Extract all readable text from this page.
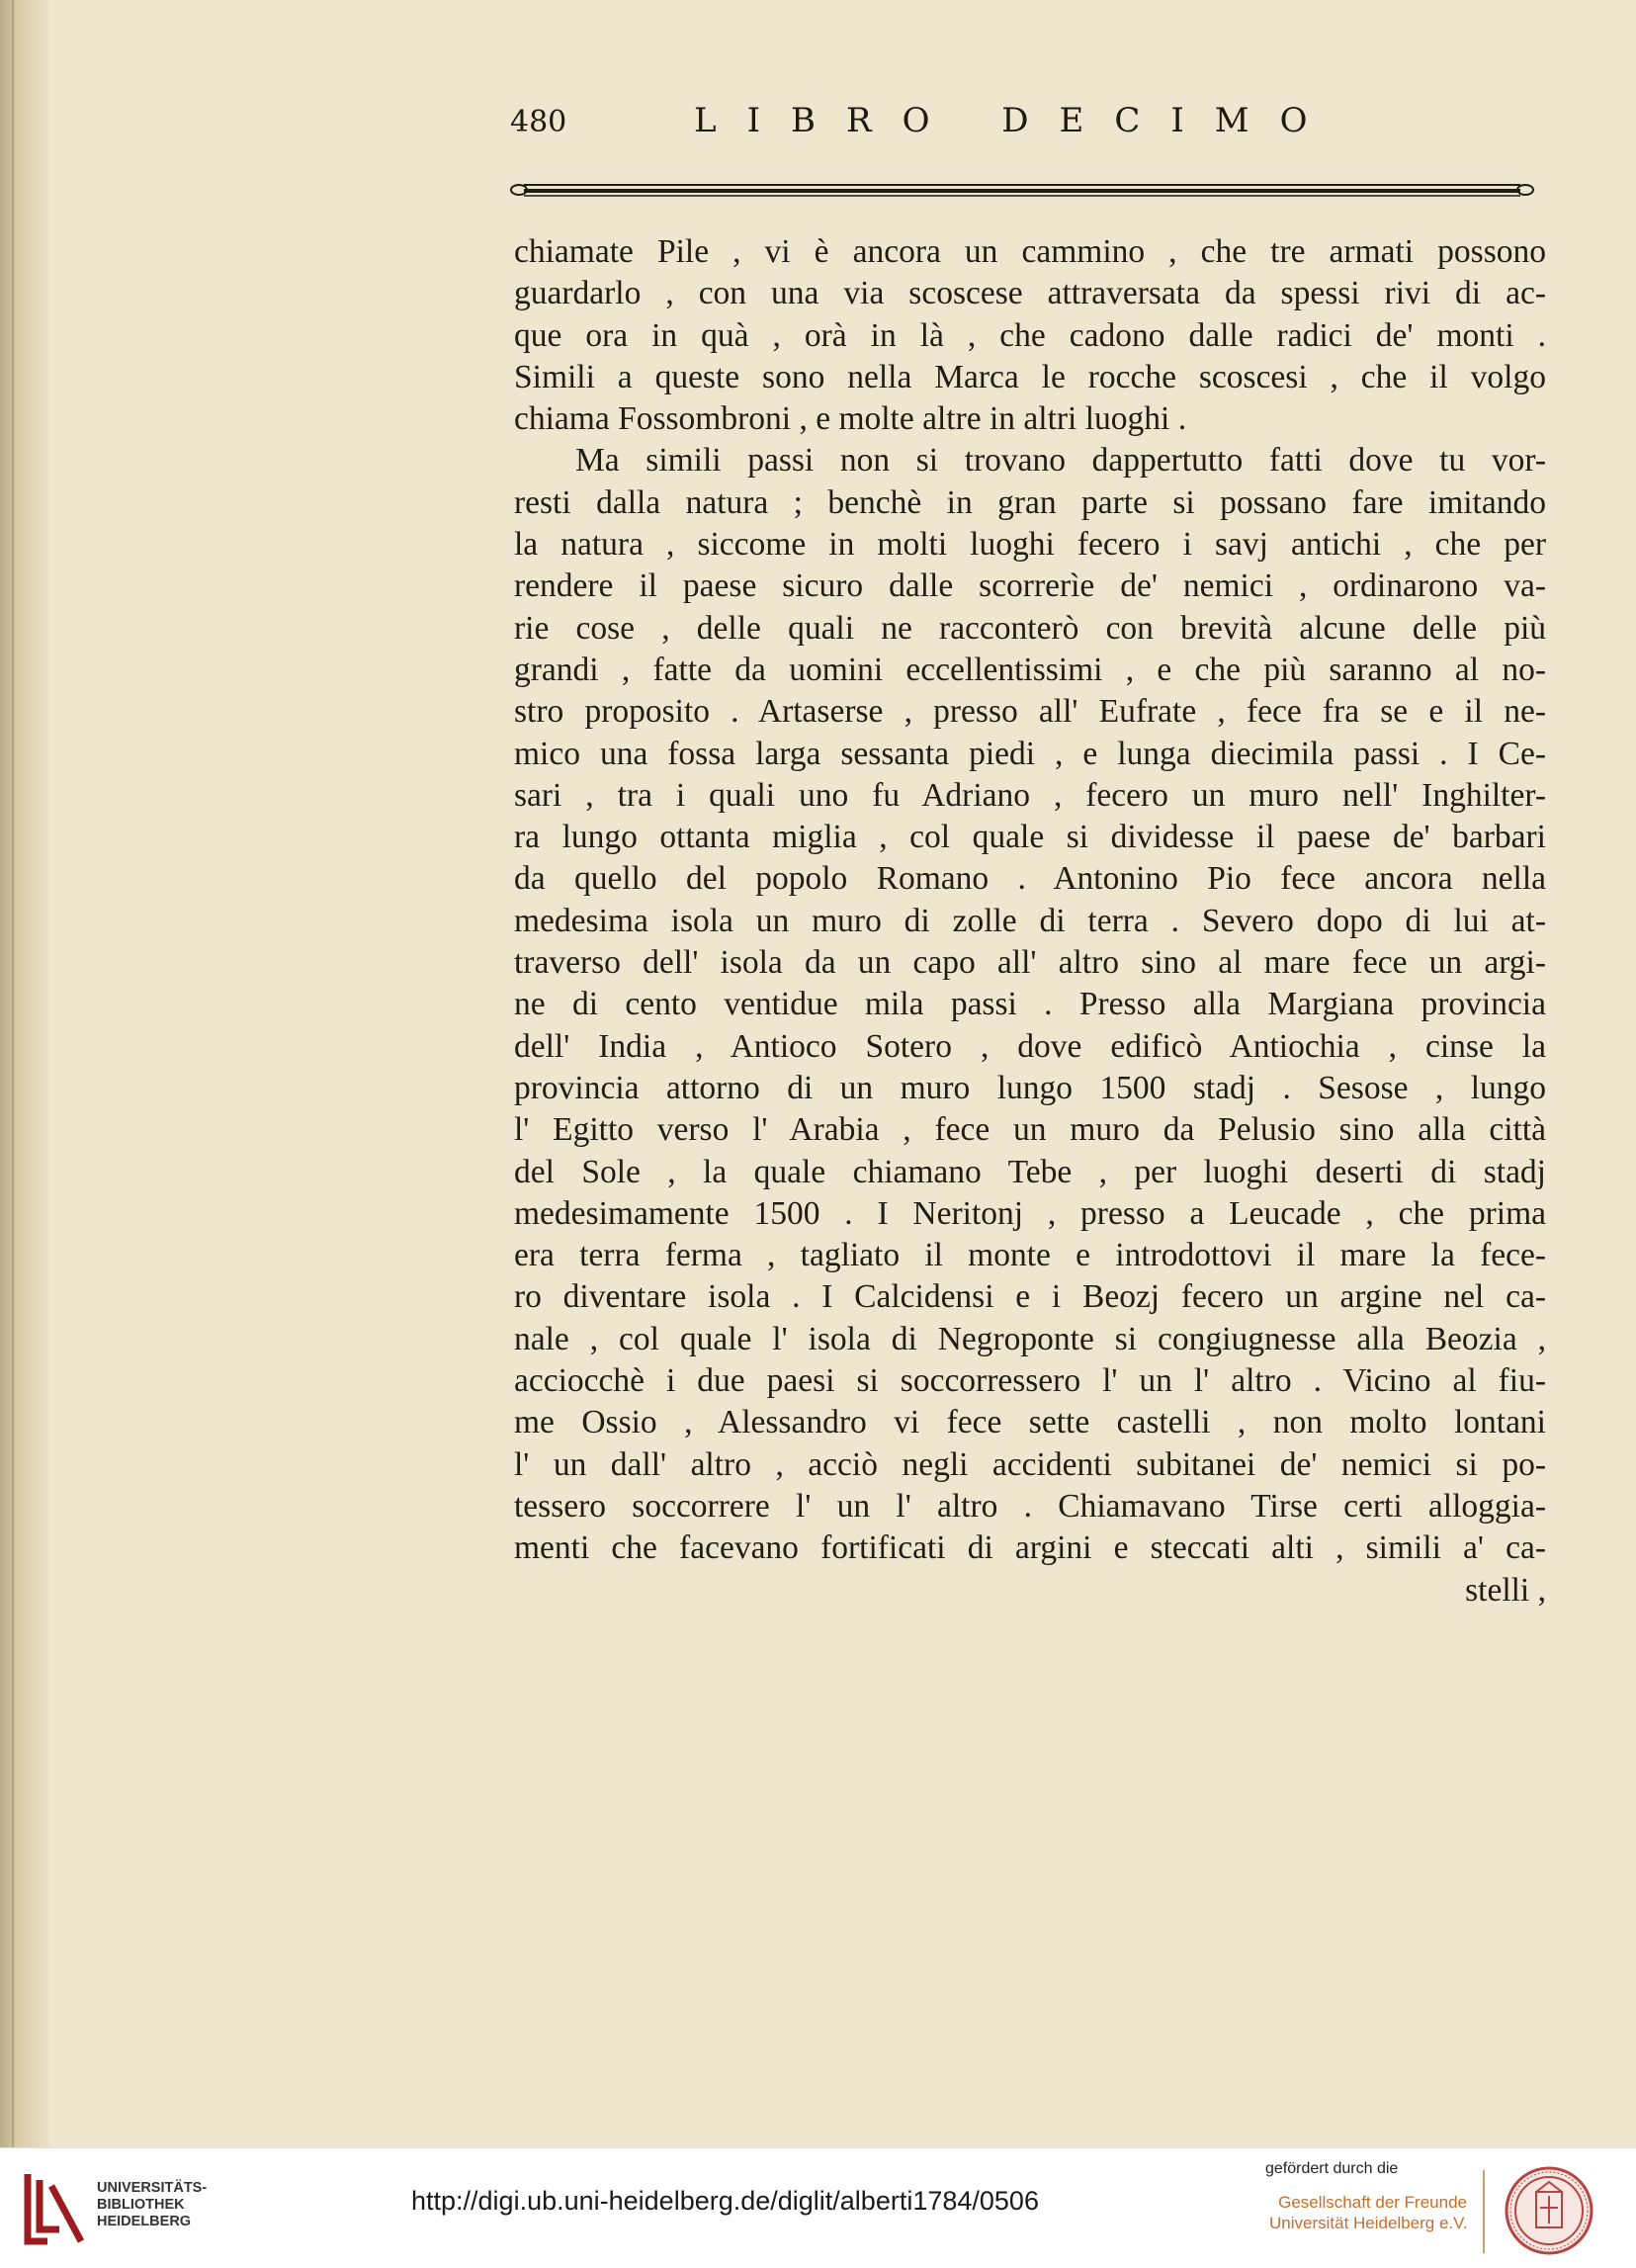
480	LIBRO DECIMO
chiamate Pile , vi è ancora un cammino , che tre armati possono
guardarlo , con una via scoscese attraversata da spessi rivi di ac-
que ora in quà , orà in là , che cadono dalle radici de' monti .
Simili a queste sono nella Marca le rocche scoscesi , che il volgo
chiama Fossombroni , e molte altre in altri luoghi .
Ma simili passi non si trovano dappertutto fatti dove tu vor-
resti dalla natura ; benchè in gran parte si possano fare imitando
la natura , siccome in molti luoghi fecero i savj antichi , che per
rendere il paese sicuro dalle scorrerìe de' nemici , ordinarono va-
rie cose , delle quali ne racconterò con brevità alcune delle più
grandi , fatte da uomini eccellentissimi , e che più saranno al no-
stro proposito . Artaserse , presso all' Eufrate , fece fra se e il ne-
mico una fossa larga sessanta piedi , e lunga diecimila passi . I Ce-
sari , tra i quali uno fu Adriano , fecero un muro nell' Inghilter-
ra lungo ottanta miglia , col quale si dividesse il paese de' barbari
da quello del popolo Romano . Antonino Pio fece ancora nella
medesima isola un muro di zolle di terra . Severo dopo di lui at-
traverso dell' isola da un capo all' altro sino al mare fece un argi-
ne di cento ventidue mila passi . Presso alla Margiana provincia
dell' India , Antioco Sotero , dove edificò Antiochia , cinse la
provincia attorno di un muro lungo 1500 stadj . Sesose , lungo
l' Egitto verso l' Arabia , fece un muro da Pelusio sino alla città
del Sole , la quale chiamano Tebe , per luoghi deserti di stadj
medesimamente 1500 . I Neritonj , presso a Leucade , che prima
era terra ferma , tagliato il monte e introdottovi il mare la fece-
ro diventare isola . I Calcidensi e i Beozj fecero un argine nel ca-
nale , col quale l' isola di Negroponte si congiugnesse alla Beozia ,
acciocchè i due paesi si soccorressero l' un l' altro . Vicino al fiu-
me Ossio , Alessandro vi fece sette castelli , non molto lontani
l' un dall' altro , acciò negli accidenti subitanei de' nemici si po-
tessero soccorrere l' un l' altro . Chiamavano Tirse certi alloggia-
menti che facevano fortificati di argini e steccati alti , simili a' ca-
stelli ,
UNIVERSITÄTS-
BIBLIOTHEK
HEIDELBERG
http://digi.ub.uni-heidelberg.de/diglit/alberti1784/0506
gefördert durch die
Gesellschaft der Freunde
Universität Heidelberg e.V.
